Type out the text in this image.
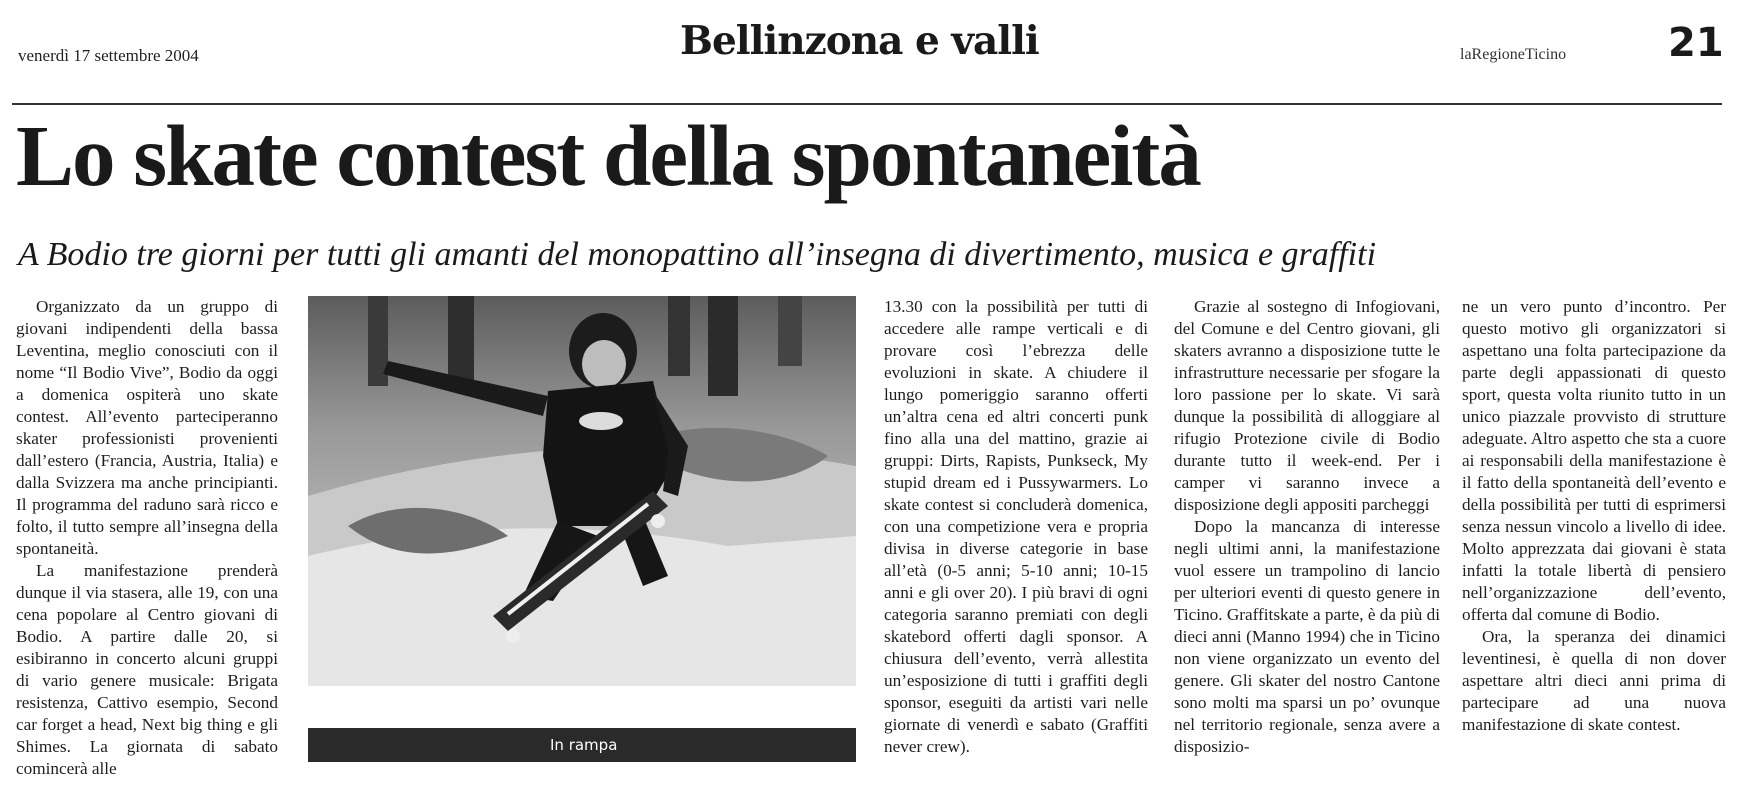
venerdì 17 settembre 2004	Bellinzona e valli	laRegioneTicino	21
Lo skate contest della spontaneità
A Bodio tre giorni per tutti gli amanti del monopattino all’insegna di divertimento, musica e graffiti

Organizzato da un gruppo di giovani indipendenti della bassa Leventina, meglio conosciuti con il nome “Il Bodio Vive”, Bodio da oggi a domenica ospiterà uno skate contest. All’evento parteciperanno skater professionisti provenienti dall’estero (Francia, Austria, Italia) e dalla Svizzera ma anche principianti. Il programma del raduno sarà ricco e folto, il tutto sempre all’insegna della spontaneità.

La manifestazione prenderà dunque il via stasera, alle 19, con una cena popolare al Centro giovani di Bodio. A partire dalle 20, si esibiranno in concerto alcuni gruppi di vario genere musicale: Brigata resistenza, Cattivo esempio, Second car forget a head, Next big thing e gli Shimes. La giornata di sabato comincerà alle

In rampa

13.30 con la possibilità per tutti di accedere alle rampe verticali e di provare così l’ebrezza delle evoluzioni in skate. A chiudere il lungo pomeriggio saranno offerti un’altra cena ed altri concerti punk fino alla una del mattino, grazie ai gruppi: Dirts, Rapists, Punkseck, My stupid dream ed i Pussywarmers. Lo skate contest si concluderà domenica, con una competizione vera e propria divisa in diverse categorie in base all’età (0-5 anni; 5-10 anni; 10-15 anni e gli over 20). I più bravi di ogni categoria saranno premiati con degli skatebord offerti dagli sponsor. A chiusura dell’evento, verrà allestita un’esposizione di tutti i graffiti degli sponsor, eseguiti da artisti vari nelle giornate di venerdì e sabato (Graffiti never crew).

Grazie al sostegno di Infogiovani, del Comune e del Centro giovani, gli skaters avranno a disposizione tutte le infrastrutture necessarie per sfogare la loro passione per lo skate. Vi sarà dunque la possibilità di alloggiare al rifugio Protezione civile di Bodio durante tutto il week-end. Per i camper vi saranno invece a disposizione degli appositi parcheggi

Dopo la mancanza di interesse negli ultimi anni, la manifestazione vuol essere un trampolino di lancio per ulteriori eventi di questo genere in Ticino. Graffitskate a parte, è da più di dieci anni (Manno 1994) che in Ticino non viene organizzato un evento del genere. Gli skater del nostro Cantone sono molti ma sparsi un po’ ovunque nel territorio regionale, senza avere a disposizio-

ne un vero punto d’incontro. Per questo motivo gli organizzatori si aspettano una folta partecipazione da parte degli appassionati di questo sport, questa volta riunito tutto in un unico piazzale provvisto di strutture adeguate. Altro aspetto che sta a cuore ai responsabili della manifestazione è il fatto della spontaneità dell’evento e della possibilità per tutti di esprimersi senza nessun vincolo a livello di idee. Molto apprezzata dai giovani è stata infatti la totale libertà di pensiero nell’organizzazione dell’evento, offerta dal comune di Bodio.

Ora, la speranza dei dinamici leventinesi, è quella di non dover aspettare altri dieci anni prima di partecipare ad una nuova manifestazione di skate contest.
